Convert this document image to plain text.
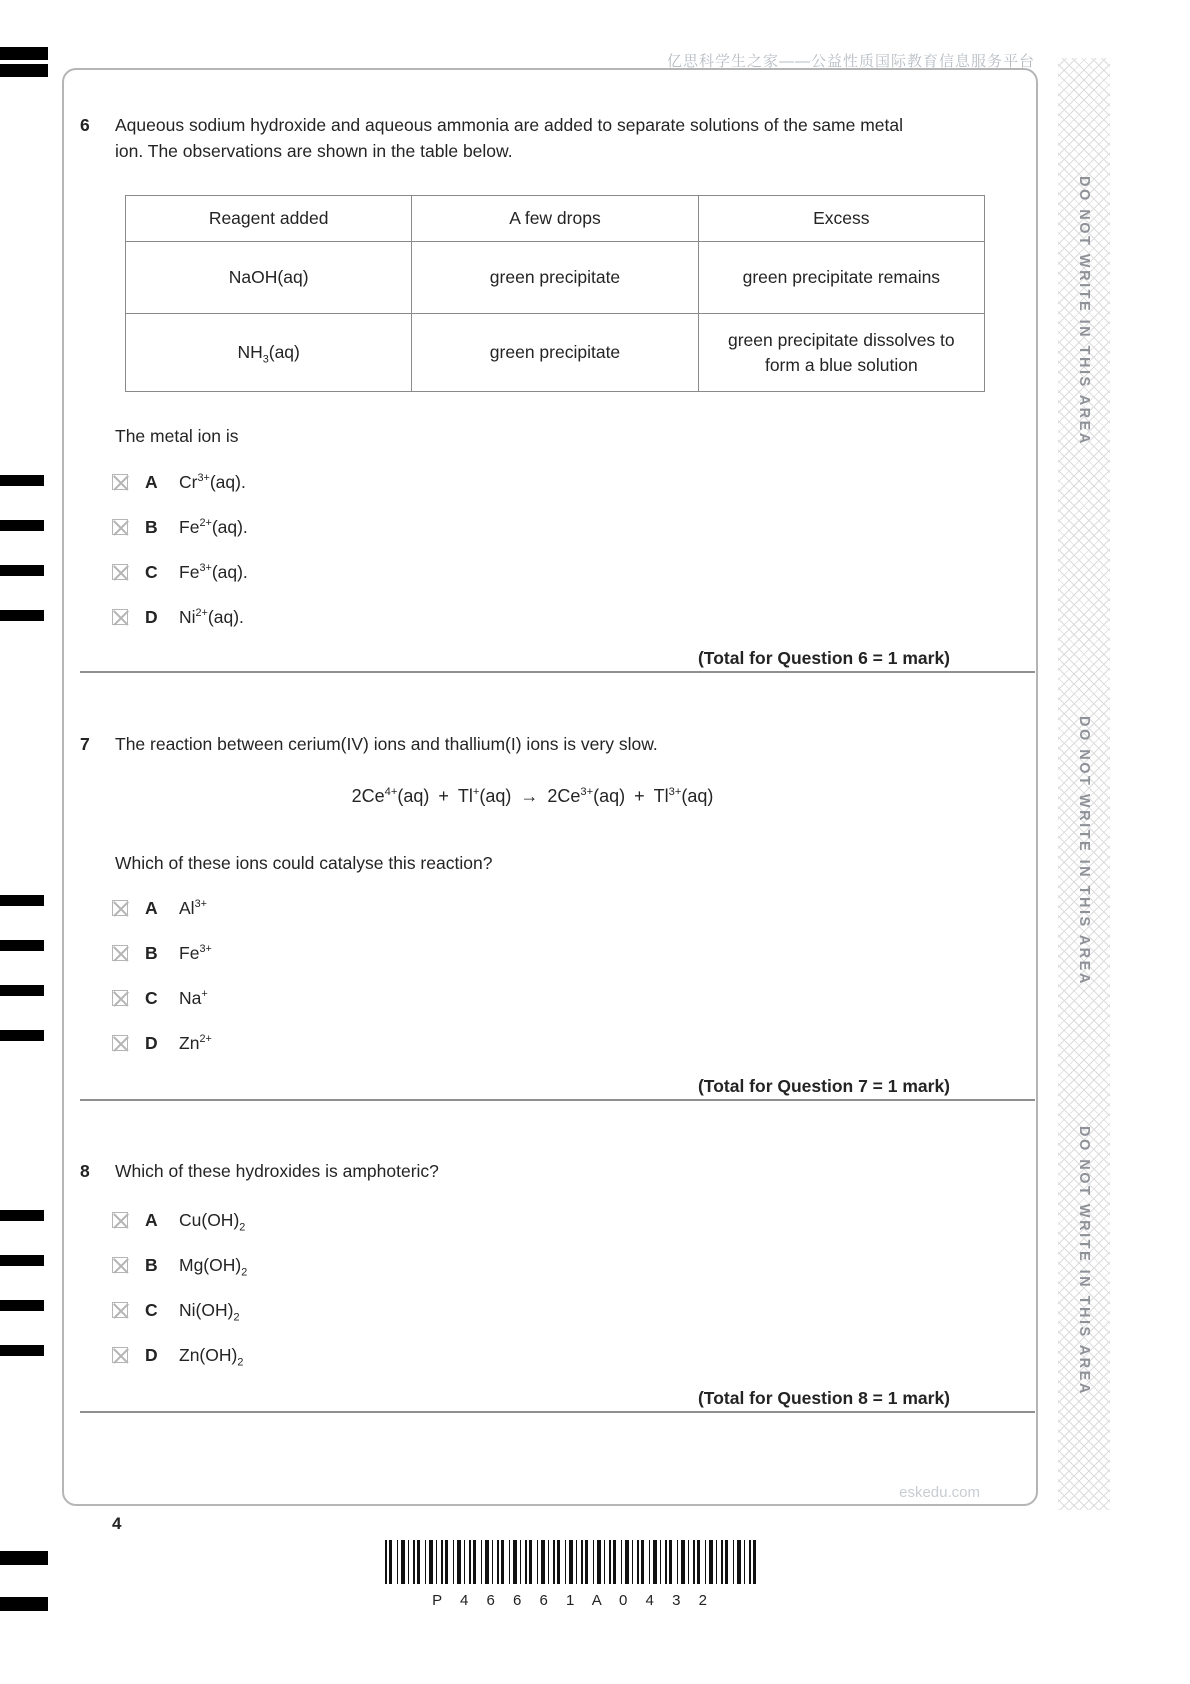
亿思科学生之家——公益性质国际教育信息服务平台
eskedu.com
DO NOT WRITE IN THIS AREA
DO NOT WRITE IN THIS AREA
DO NOT WRITE IN THIS AREA
6	Aqueous sodium hydroxide and aqueous ammonia are added to separate solutions of the same metal ion. The observations are shown in the table below.
Reagent added	A few drops	Excess
NaOH(aq)	green precipitate	green precipitate remains
$NH_3(aq)$	green precipitate	green precipitate dissolves to form a blue solution
The metal ion is
A	$Cr^{3+}(aq)$.
B	$Fe^{2+}(aq)$.
C	$Fe^{3+}(aq)$.
D	$Ni^{2+}(aq)$.
(Total for Question 6 = 1 mark)
7	The reaction between cerium(IV) ions and thallium(I) ions is very slow.
$2Ce^{4+}(aq)$ + Tl+(aq) → $2Ce^{3+}(aq)$ + $Tl^{3+}(aq)$
Which of these ions could catalyse this reaction?
A	$Al^{3+}$
B	$Fe^{3+}$
C	Na+
D	$Zn^{2+}$
(Total for Question 7 = 1 mark)
8	Which of these hydroxides is amphoteric?
A	$Cu(OH)_2$
B	$Mg(OH)_2$
C	$Ni(OH)_2$
D	$Zn(OH)_2$
(Total for Question 8 = 1 mark)
4
P 4 6 6 6 1 A 0 4 3 2
